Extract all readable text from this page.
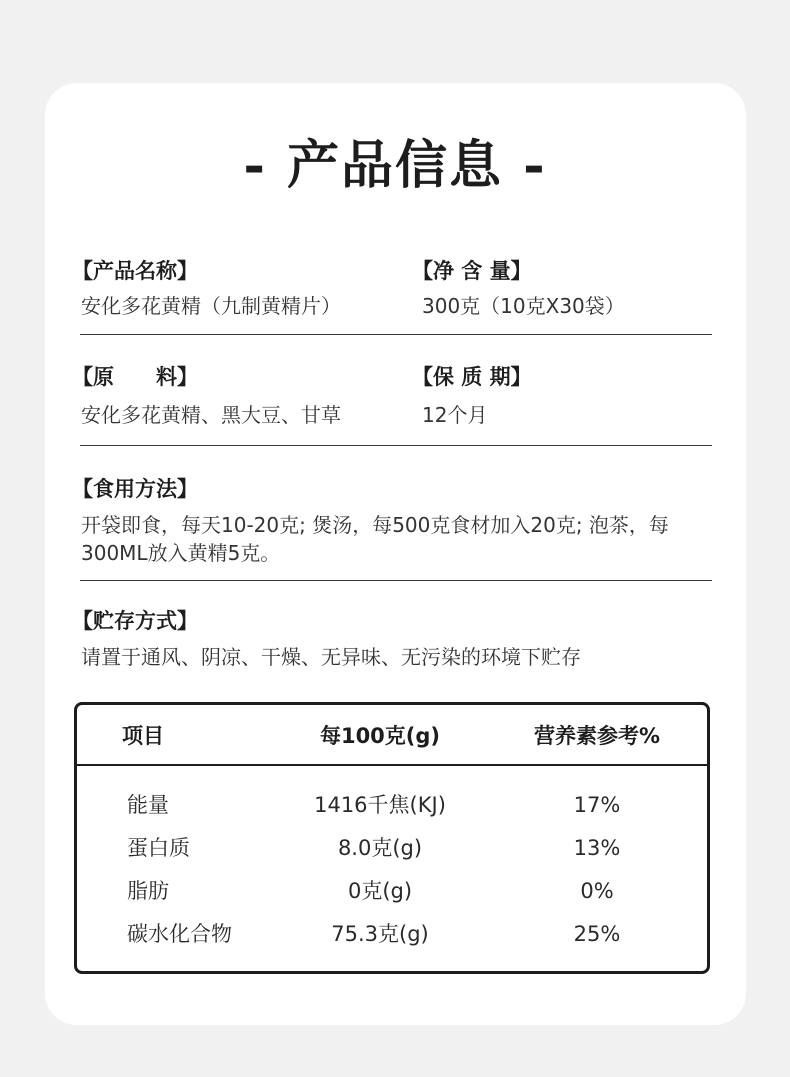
- 产品信息 -
【产品名称】
安化多花黄精（九制黄精片）
【净 含 量】
300克（10克X30袋）
【原　　料】
安化多花黄精、黑大豆、甘草
【保 质 期】
12个月
【食用方法】
开袋即食，每天10-20克; 煲汤，每500克食材加入20克; 泡茶，每300ML放入黄精5克。
【贮存方式】
请置于通风、阴凉、干燥、无异味、无污染的环境下贮存
项目	每100克(g)	营养素参考%
能量	1416千焦(KJ)	17%
蛋白质	8.0克(g)	13%
脂肪	0克(g)	0%
碳水化合物	75.3克(g)	25%
